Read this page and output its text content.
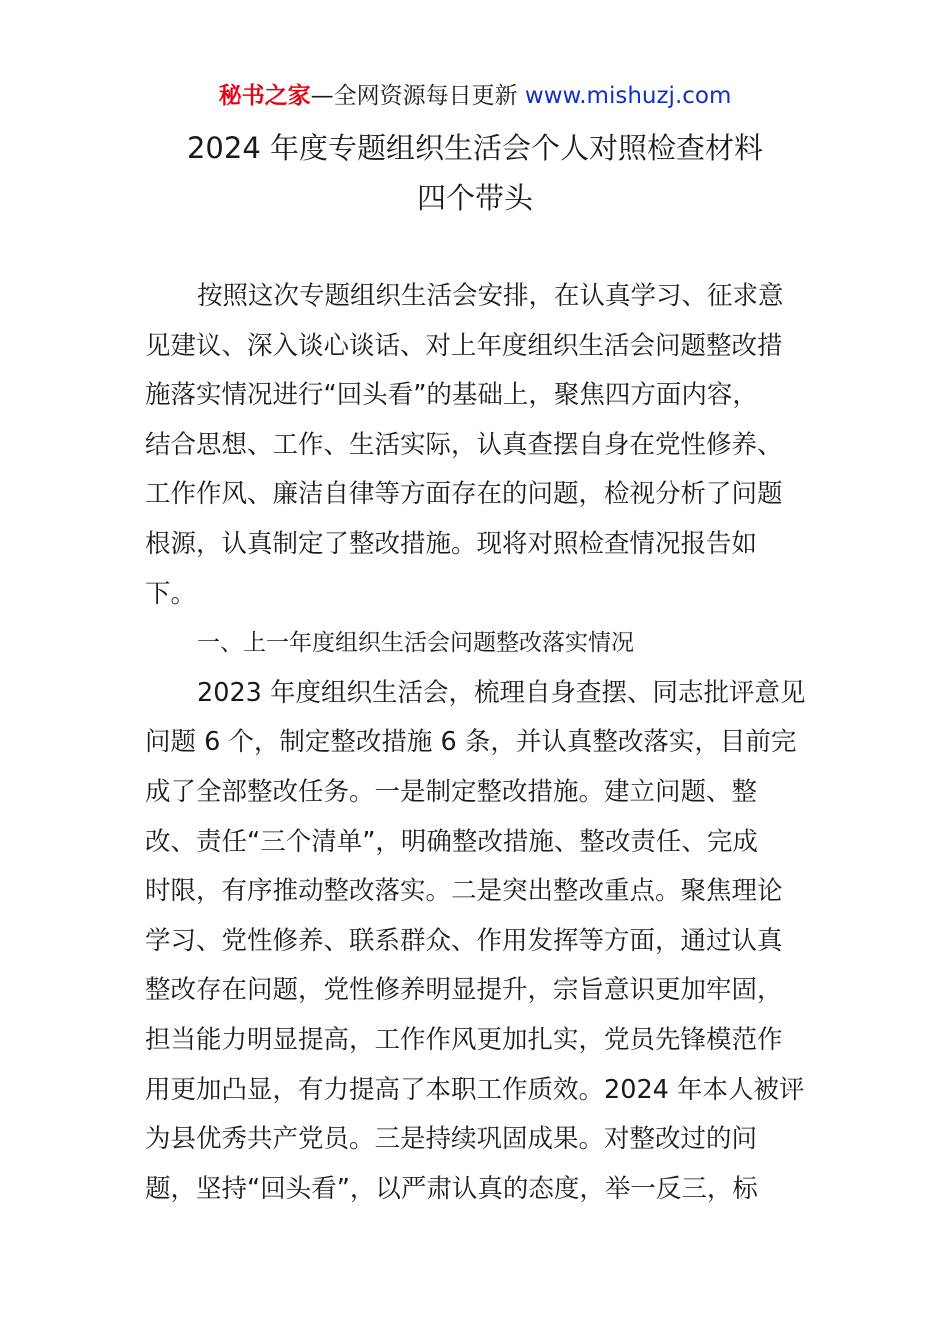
秘书之家—全网资源每日更新 www.mishuzj.com
2024 年度专题组织生活会个人对照检查材料
四个带头
按照这次专题组织生活会安排，在认真学习、征求意
见建议、深入谈心谈话、对上年度组织生活会问题整改措
施落实情况进行“回头看”的基础上，聚焦四方面内容，
结合思想、工作、生活实际，认真查摆自身在党性修养、
工作作风、廉洁自律等方面存在的问题，检视分析了问题
根源，认真制定了整改措施。现将对照检查情况报告如
下。
一、上一年度组织生活会问题整改落实情况
2023 年度组织生活会，梳理自身查摆、同志批评意见
问题 6 个，制定整改措施 6 条，并认真整改落实，目前完
成了全部整改任务。一是制定整改措施。建立问题、整
改、责任“三个清单”，明确整改措施、整改责任、完成
时限，有序推动整改落实。二是突出整改重点。聚焦理论
学习、党性修养、联系群众、作用发挥等方面，通过认真
整改存在问题，党性修养明显提升，宗旨意识更加牢固，
担当能力明显提高，工作作风更加扎实，党员先锋模范作
用更加凸显，有力提高了本职工作质效。2024 年本人被评
为县优秀共产党员。三是持续巩固成果。对整改过的问
题，坚持“回头看”，以严肃认真的态度，举一反三，标
